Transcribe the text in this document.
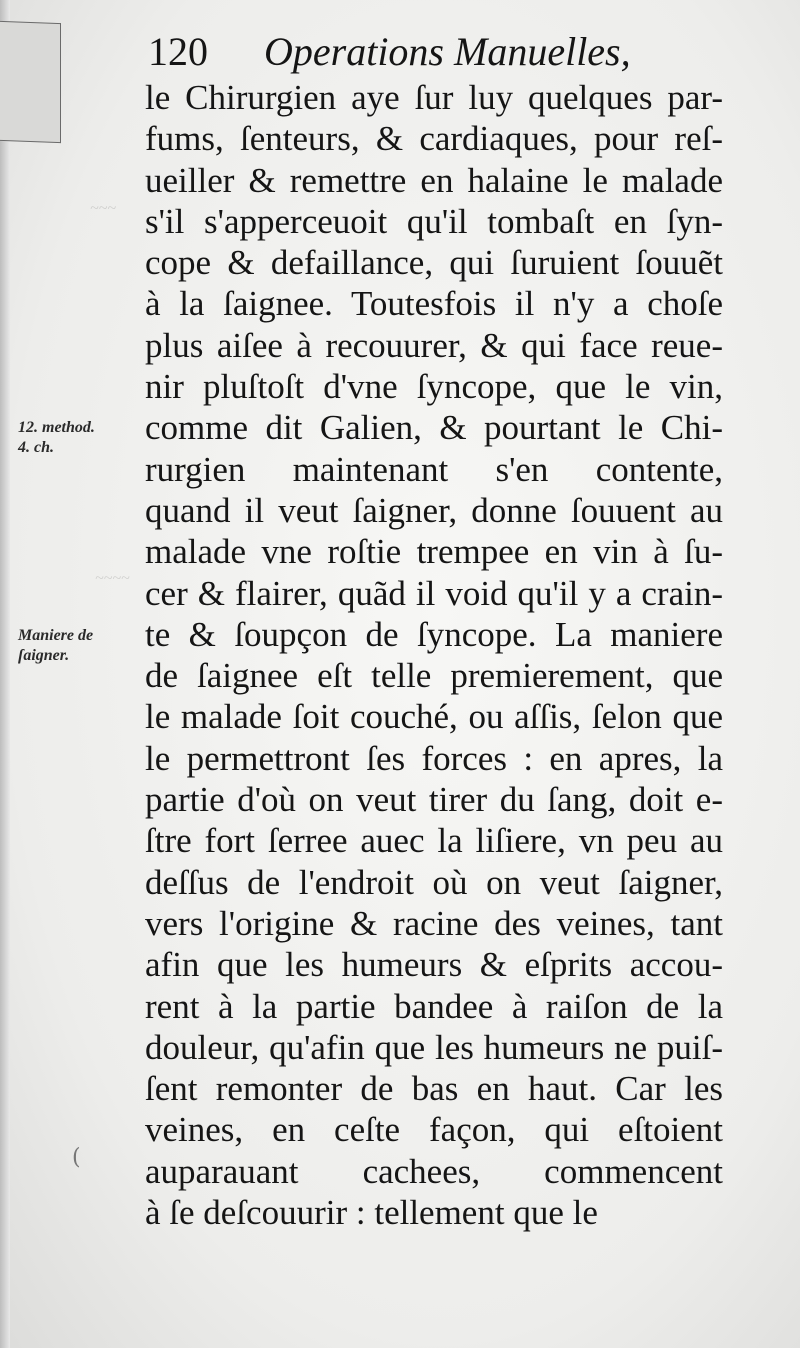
~~~
~~~~
120 Operations Manuelles,
le Chirurgien aye ſur luy quelques par-
fums, ſenteurs, & cardiaques, pour reſ-
ueiller & remettre en halaine le malade
s'il s'apperceuoit qu'il tombaſt en ſyn-
cope & defaillance, qui ſuruient ſouuẽt
à la ſaignee. Toutesfois il n'y a choſe
plus aiſee à recouurer, & qui face reue-
nir pluſtoſt d'vne ſyncope, que le vin,
comme dit Galien, & pourtant le Chi-
rurgien maintenant s'en contente,
quand il veut ſaigner, donne ſouuent au
malade vne roſtie trempee en vin à ſu-
cer & flairer, quãd il void qu'il y a crain-
te & ſoupçon de ſyncope. La maniere
de ſaignee eſt telle premierement, que
le malade ſoit couché, ou aſſis, ſelon que
le permettront ſes forces : en apres, la
partie d'où on veut tirer du ſang, doit e-
ſtre fort ſerree auec la liſiere, vn peu au
deſſus de l'endroit où on veut ſaigner,
vers l'origine & racine des veines, tant
afin que les humeurs & eſprits accou-
rent à la partie bandee à raiſon de la
douleur, qu'afin que les humeurs ne puiſ-
ſent remonter de bas en haut. Car les
veines, en ceſte façon, qui eſtoient
auparauant cachees, commencent
à ſe deſcouurir : tellement que le
12. method.
4. ch.
Maniere de
ſaigner.
(
